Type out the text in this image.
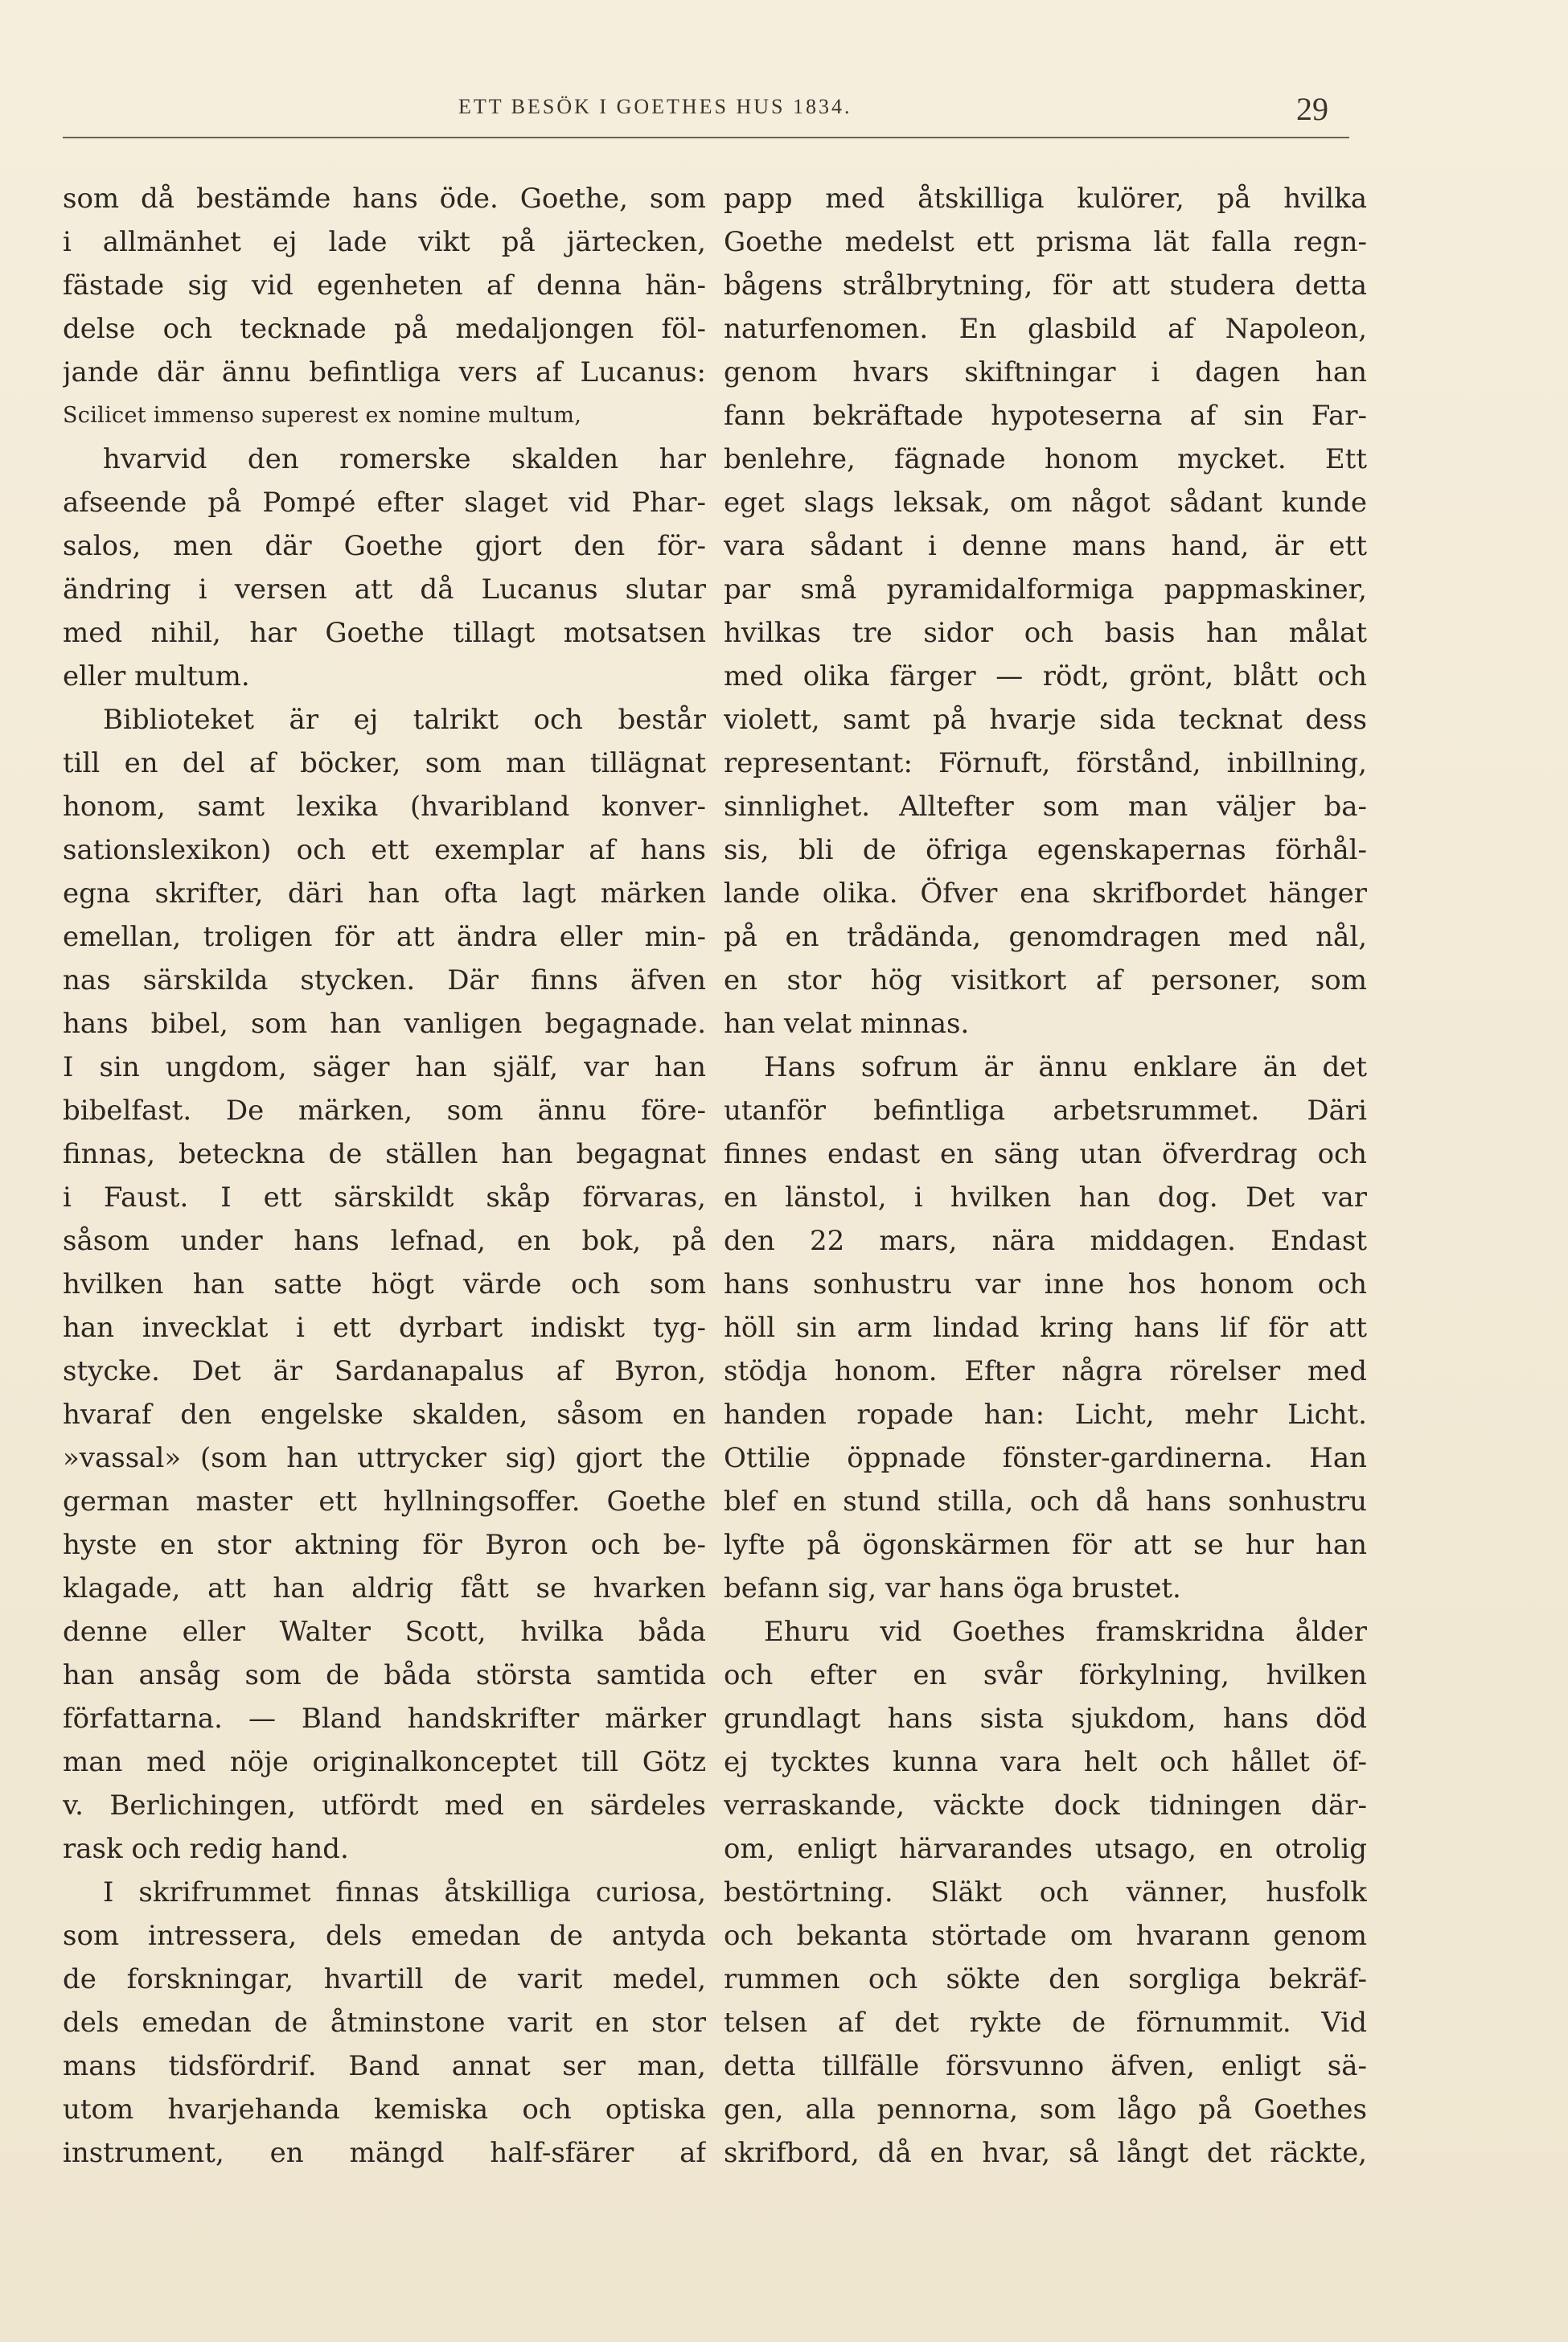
ETT BESÖK I GOETHES HUS 1834.	29
som då bestämde hans öde. Goethe, som
i allmänhet ej lade vikt på järtecken,
fästade sig vid egenheten af denna hän-
delse och tecknade på medaljongen föl-
jande där ännu befintliga vers af Lucanus:
Scilicet immenso superest ex nomine multum,
hvarvid den romerske skalden har
afseende på Pompé efter slaget vid Phar-
salos, men där Goethe gjort den för-
ändring i versen att då Lucanus slutar
med nihil, har Goethe tillagt motsatsen
eller multum.
Biblioteket är ej talrikt och består
till en del af böcker, som man tillägnat
honom, samt lexika (hvaribland konver-
sationslexikon) och ett exemplar af hans
egna skrifter, däri han ofta lagt märken
emellan, troligen för att ändra eller min-
nas särskilda stycken. Där finns äfven
hans bibel, som han vanligen begagnade.
I sin ungdom, säger han själf, var han
bibelfast. De märken, som ännu före-
finnas, beteckna de ställen han begagnat
i Faust. I ett särskildt skåp förvaras,
såsom under hans lefnad, en bok, på
hvilken han satte högt värde och som
han invecklat i ett dyrbart indiskt tyg-
stycke. Det är Sardanapalus af Byron,
hvaraf den engelske skalden, såsom en
»vassal» (som han uttrycker sig) gjort the
german master ett hyllningsoffer. Goethe
hyste en stor aktning för Byron och be-
klagade, att han aldrig fått se hvarken
denne eller Walter Scott, hvilka båda
han ansåg som de båda största samtida
författarna. — Bland handskrifter märker
man med nöje originalkonceptet till Götz
v. Berlichingen, utfördt med en särdeles
rask och redig hand.
I skrifrummet finnas åtskilliga curiosa,
som intressera, dels emedan de antyda
de forskningar, hvartill de varit medel,
dels emedan de åtminstone varit en stor
mans tidsfördrif. Band annat ser man,
utom hvarjehanda kemiska och optiska
instrument, en mängd half-sfärer af
papp med åtskilliga kulörer, på hvilka
Goethe medelst ett prisma lät falla regn-
bågens strålbrytning, för att studera detta
naturfenomen. En glasbild af Napoleon,
genom hvars skiftningar i dagen han
fann bekräftade hypoteserna af sin Far-
benlehre, fägnade honom mycket. Ett
eget slags leksak, om något sådant kunde
vara sådant i denne mans hand, är ett
par små pyramidalformiga pappmaskiner,
hvilkas tre sidor och basis han målat
med olika färger — rödt, grönt, blått och
violett, samt på hvarje sida tecknat dess
representant: Förnuft, förstånd, inbillning,
sinnlighet. Alltefter som man väljer ba-
sis, bli de öfriga egenskapernas förhål-
lande olika. Öfver ena skrifbordet hänger
på en trådända, genomdragen med nål,
en stor hög visitkort af personer, som
han velat minnas.
Hans sofrum är ännu enklare än det
utanför befintliga arbetsrummet. Däri
finnes endast en säng utan öfverdrag och
en länstol, i hvilken han dog. Det var
den 22 mars, nära middagen. Endast
hans sonhustru var inne hos honom och
höll sin arm lindad kring hans lif för att
stödja honom. Efter några rörelser med
handen ropade han: Licht, mehr Licht.
Ottilie öppnade fönster-gardinerna. Han
blef en stund stilla, och då hans sonhustru
lyfte på ögonskärmen för att se hur han
befann sig, var hans öga brustet.
Ehuru vid Goethes framskridna ålder
och efter en svår förkylning, hvilken
grundlagt hans sista sjukdom, hans död
ej tycktes kunna vara helt och hållet öf-
verraskande, väckte dock tidningen där-
om, enligt härvarandes utsago, en otrolig
bestörtning. Släkt och vänner, husfolk
och bekanta störtade om hvarann genom
rummen och sökte den sorgliga bekräf-
telsen af det rykte de förnummit. Vid
detta tillfälle försvunno äfven, enligt sä-
gen, alla pennorna, som lågo på Goethes
skrifbord, då en hvar, så långt det räckte,
